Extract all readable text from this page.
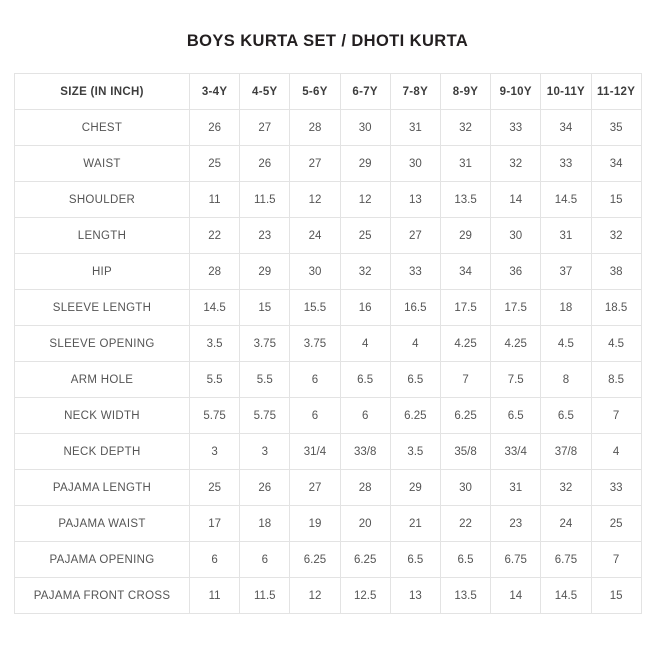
BOYS KURTA SET / DHOTI KURTA
SIZE (IN INCH)	3-4Y	4-5Y	5-6Y	6-7Y	7-8Y	8-9Y	9-10Y	10-11Y	11-12Y
CHEST	26	27	28	30	31	32	33	34	35
WAIST	25	26	27	29	30	31	32	33	34
SHOULDER	11	11.5	12	12	13	13.5	14	14.5	15
LENGTH	22	23	24	25	27	29	30	31	32
HIP	28	29	30	32	33	34	36	37	38
SLEEVE LENGTH	14.5	15	15.5	16	16.5	17.5	17.5	18	18.5
SLEEVE OPENING	3.5	3.75	3.75	4	4	4.25	4.25	4.5	4.5
ARM HOLE	5.5	5.5	6	6.5	6.5	7	7.5	8	8.5
NECK WIDTH	5.75	5.75	6	6	6.25	6.25	6.5	6.5	7
NECK DEPTH	3	3	31/4	33/8	3.5	35/8	33/4	37/8	4
PAJAMA LENGTH	25	26	27	28	29	30	31	32	33
PAJAMA WAIST	17	18	19	20	21	22	23	24	25
PAJAMA OPENING	6	6	6.25	6.25	6.5	6.5	6.75	6.75	7
PAJAMA FRONT CROSS	11	11.5	12	12.5	13	13.5	14	14.5	15
